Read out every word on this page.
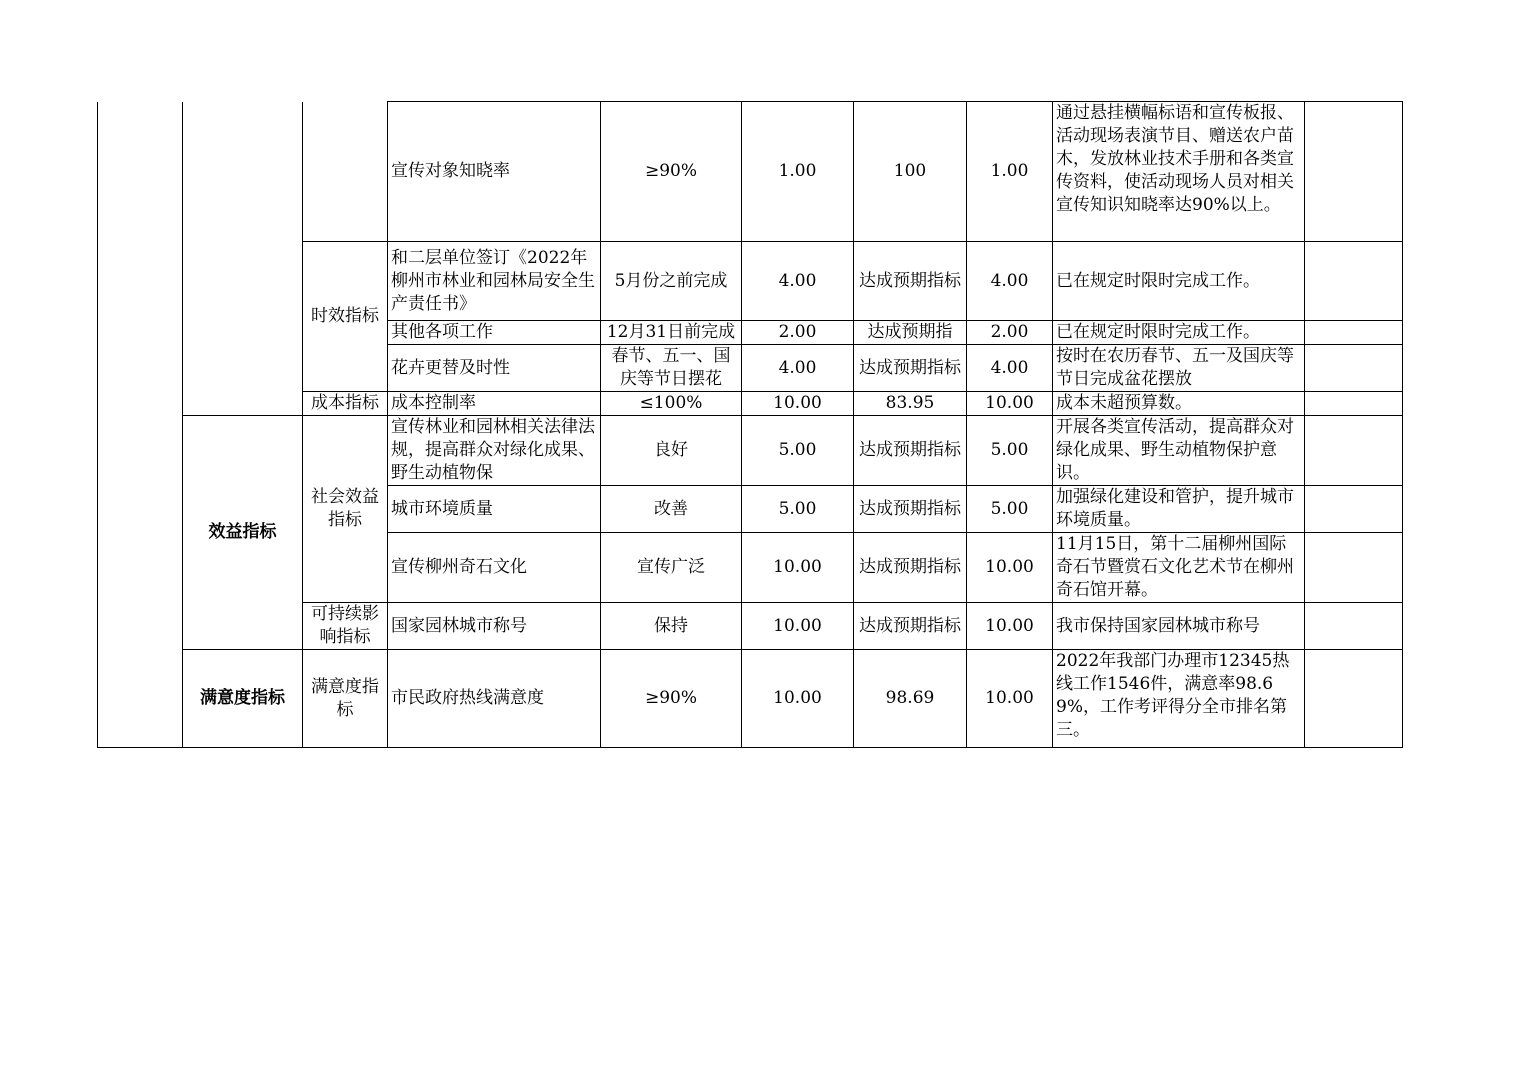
			宣传对象知晓率	≥90%	1.00	100	1.00	通过悬挂横幅标语和宣传板报、活动现场表演节目、赠送农户苗木，发放林业技术手册和各类宣传资料，使活动现场人员对相关宣传知识知晓率达90%以上。	
		时效指标	和二层单位签订《2022年柳州市林业和园林局安全生产责任书》	5月份之前完成	4.00	达成预期指标	4.00	已在规定时限时完成工作。	
			其他各项工作	12月31日前完成	2.00	达成预期指	2.00	已在规定时限时完成工作。	
			花卉更替及时性	春节、五一、国庆等节日摆花	4.00	达成预期指标	4.00	按时在农历春节、五一及国庆等节日完成盆花摆放	
		成本指标	成本控制率	≤100%	10.00	83.95	10.00	成本未超预算数。	
	效益指标	社会效益指标	宣传林业和园林相关法律法规，提高群众对绿化成果、野生动植物保	良好	5.00	达成预期指标	5.00	开展各类宣传活动，提高群众对绿化成果、野生动植物保护意识。	
			城市环境质量	改善	5.00	达成预期指标	5.00	加强绿化建设和管护，提升城市环境质量。	
			宣传柳州奇石文化	宣传广泛	10.00	达成预期指标	10.00	11月15日，第十二届柳州国际奇石节暨赏石文化艺术节在柳州奇石馆开幕。	
		可持续影响指标	国家园林城市称号	保持	10.00	达成预期指标	10.00	我市保持国家园林城市称号	
	满意度指标	满意度指标	市民政府热线满意度	≥90%	10.00	98.69	10.00	2022年我部门办理市12345热线工作1546件，满意率98.69%，工作考评得分全市排名第三。	
